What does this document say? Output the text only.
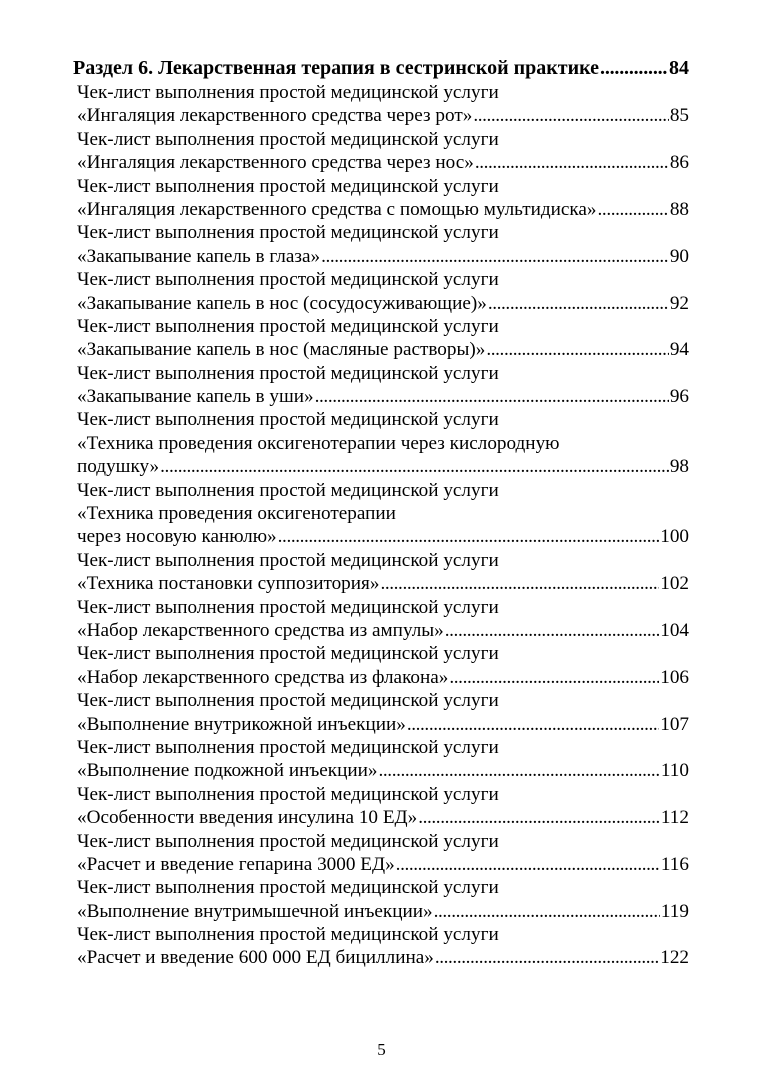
Раздел 6. Лекарственная терапия в сестринской практике . . .	84
Чек-лист выполнения простой медицинской услуги
«Ингаляция лекарственного средства через рот» . . .	85
Чек-лист выполнения простой медицинской услуги
«Ингаляция лекарственного средства через нос» . . .	86
Чек-лист выполнения простой медицинской услуги
«Ингаляция лекарственного средства с помощью мультидиска» . . .	88
Чек-лист выполнения простой медицинской услуги
«Закапывание капель в глаза» . . .	90
Чек-лист выполнения простой медицинской услуги
«Закапывание капель в нос (сосудосуживающие)» . . .	92
Чек-лист выполнения простой медицинской услуги
«Закапывание капель в нос (масляные растворы)» . . .	94
Чек-лист выполнения простой медицинской услуги
«Закапывание капель в уши» . . .	96
Чек-лист выполнения простой медицинской услуги
«Техника проведения оксигенотерапии через кислородную
подушку» . . .	98
Чек-лист выполнения простой медицинской услуги
«Техника проведения оксигенотерапии
через носовую канюлю» . . .	100
Чек-лист выполнения простой медицинской услуги
«Техника постановки суппозитория» . . .	102
Чек-лист выполнения простой медицинской услуги
«Набор лекарственного средства из ампулы» . . .	104
Чек-лист выполнения простой медицинской услуги
«Набор лекарственного средства из флакона» . . .	106
Чек-лист выполнения простой медицинской услуги
«Выполнение внутрикожной инъекции» . . .	107
Чек-лист выполнения простой медицинской услуги
«Выполнение подкожной инъекции» . . .	110
Чек-лист выполнения простой медицинской услуги
«Особенности введения инсулина 10 ЕД» . . .	112
Чек-лист выполнения простой медицинской услуги
«Расчет и введение гепарина 3000 ЕД» . . .	116
Чек-лист выполнения простой медицинской услуги
«Выполнение внутримышечной инъекции» . . .	119
Чек-лист выполнения простой медицинской услуги
«Расчет и введение 600 000 ЕД бициллина» . . .	122
5
